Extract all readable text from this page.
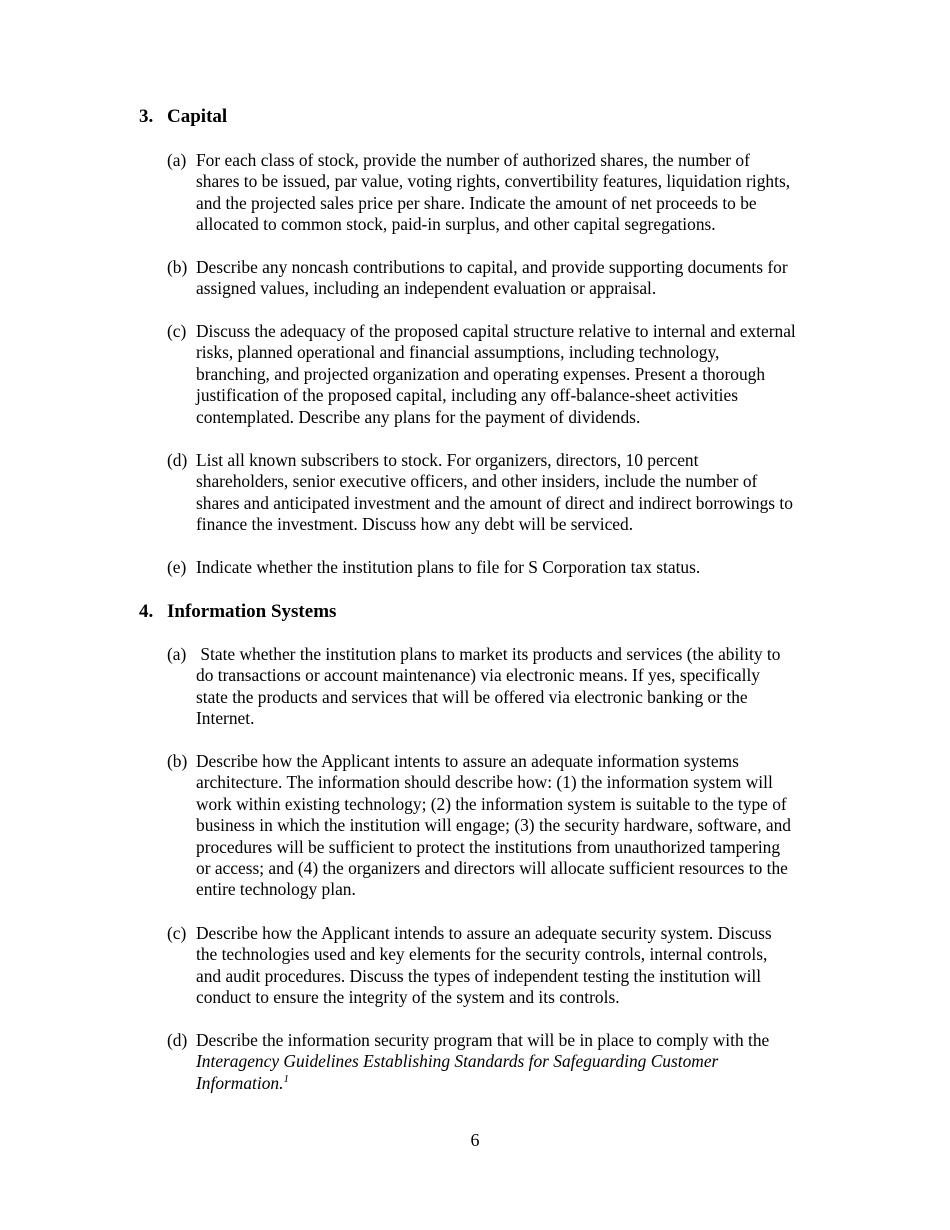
3. Capital
(a) For each class of stock, provide the number of authorized shares, the number of
shares to be issued, par value, voting rights, convertibility features, liquidation rights,
and the projected sales price per share. Indicate the amount of net proceeds to be
allocated to common stock, paid-in surplus, and other capital segregations.
(b) Describe any noncash contributions to capital, and provide supporting documents for
assigned values, including an independent evaluation or appraisal.
(c) Discuss the adequacy of the proposed capital structure relative to internal and external
risks, planned operational and financial assumptions, including technology,
branching, and projected organization and operating expenses. Present a thorough
justification of the proposed capital, including any off-balance-sheet activities
contemplated. Describe any plans for the payment of dividends.
(d) List all known subscribers to stock. For organizers, directors, 10 percent
shareholders, senior executive officers, and other insiders, include the number of
shares and anticipated investment and the amount of direct and indirect borrowings to
finance the investment. Discuss how any debt will be serviced.
(e) Indicate whether the institution plans to file for S Corporation tax status.
4. Information Systems
(a) State whether the institution plans to market its products and services (the ability to
do transactions or account maintenance) via electronic means. If yes, specifically
state the products and services that will be offered via electronic banking or the
Internet.
(b) Describe how the Applicant intents to assure an adequate information systems
architecture. The information should describe how: (1) the information system will
work within existing technology; (2) the information system is suitable to the type of
business in which the institution will engage; (3) the security hardware, software, and
procedures will be sufficient to protect the institutions from unauthorized tampering
or access; and (4) the organizers and directors will allocate sufficient resources to the
entire technology plan.
(c) Describe how the Applicant intends to assure an adequate security system. Discuss
the technologies used and key elements for the security controls, internal controls,
and audit procedures. Discuss the types of independent testing the institution will
conduct to ensure the integrity of the system and its controls.
(d) Describe the information security program that will be in place to comply with the
Interagency Guidelines Establishing Standards for Safeguarding Customer
Information.$^1$
6
